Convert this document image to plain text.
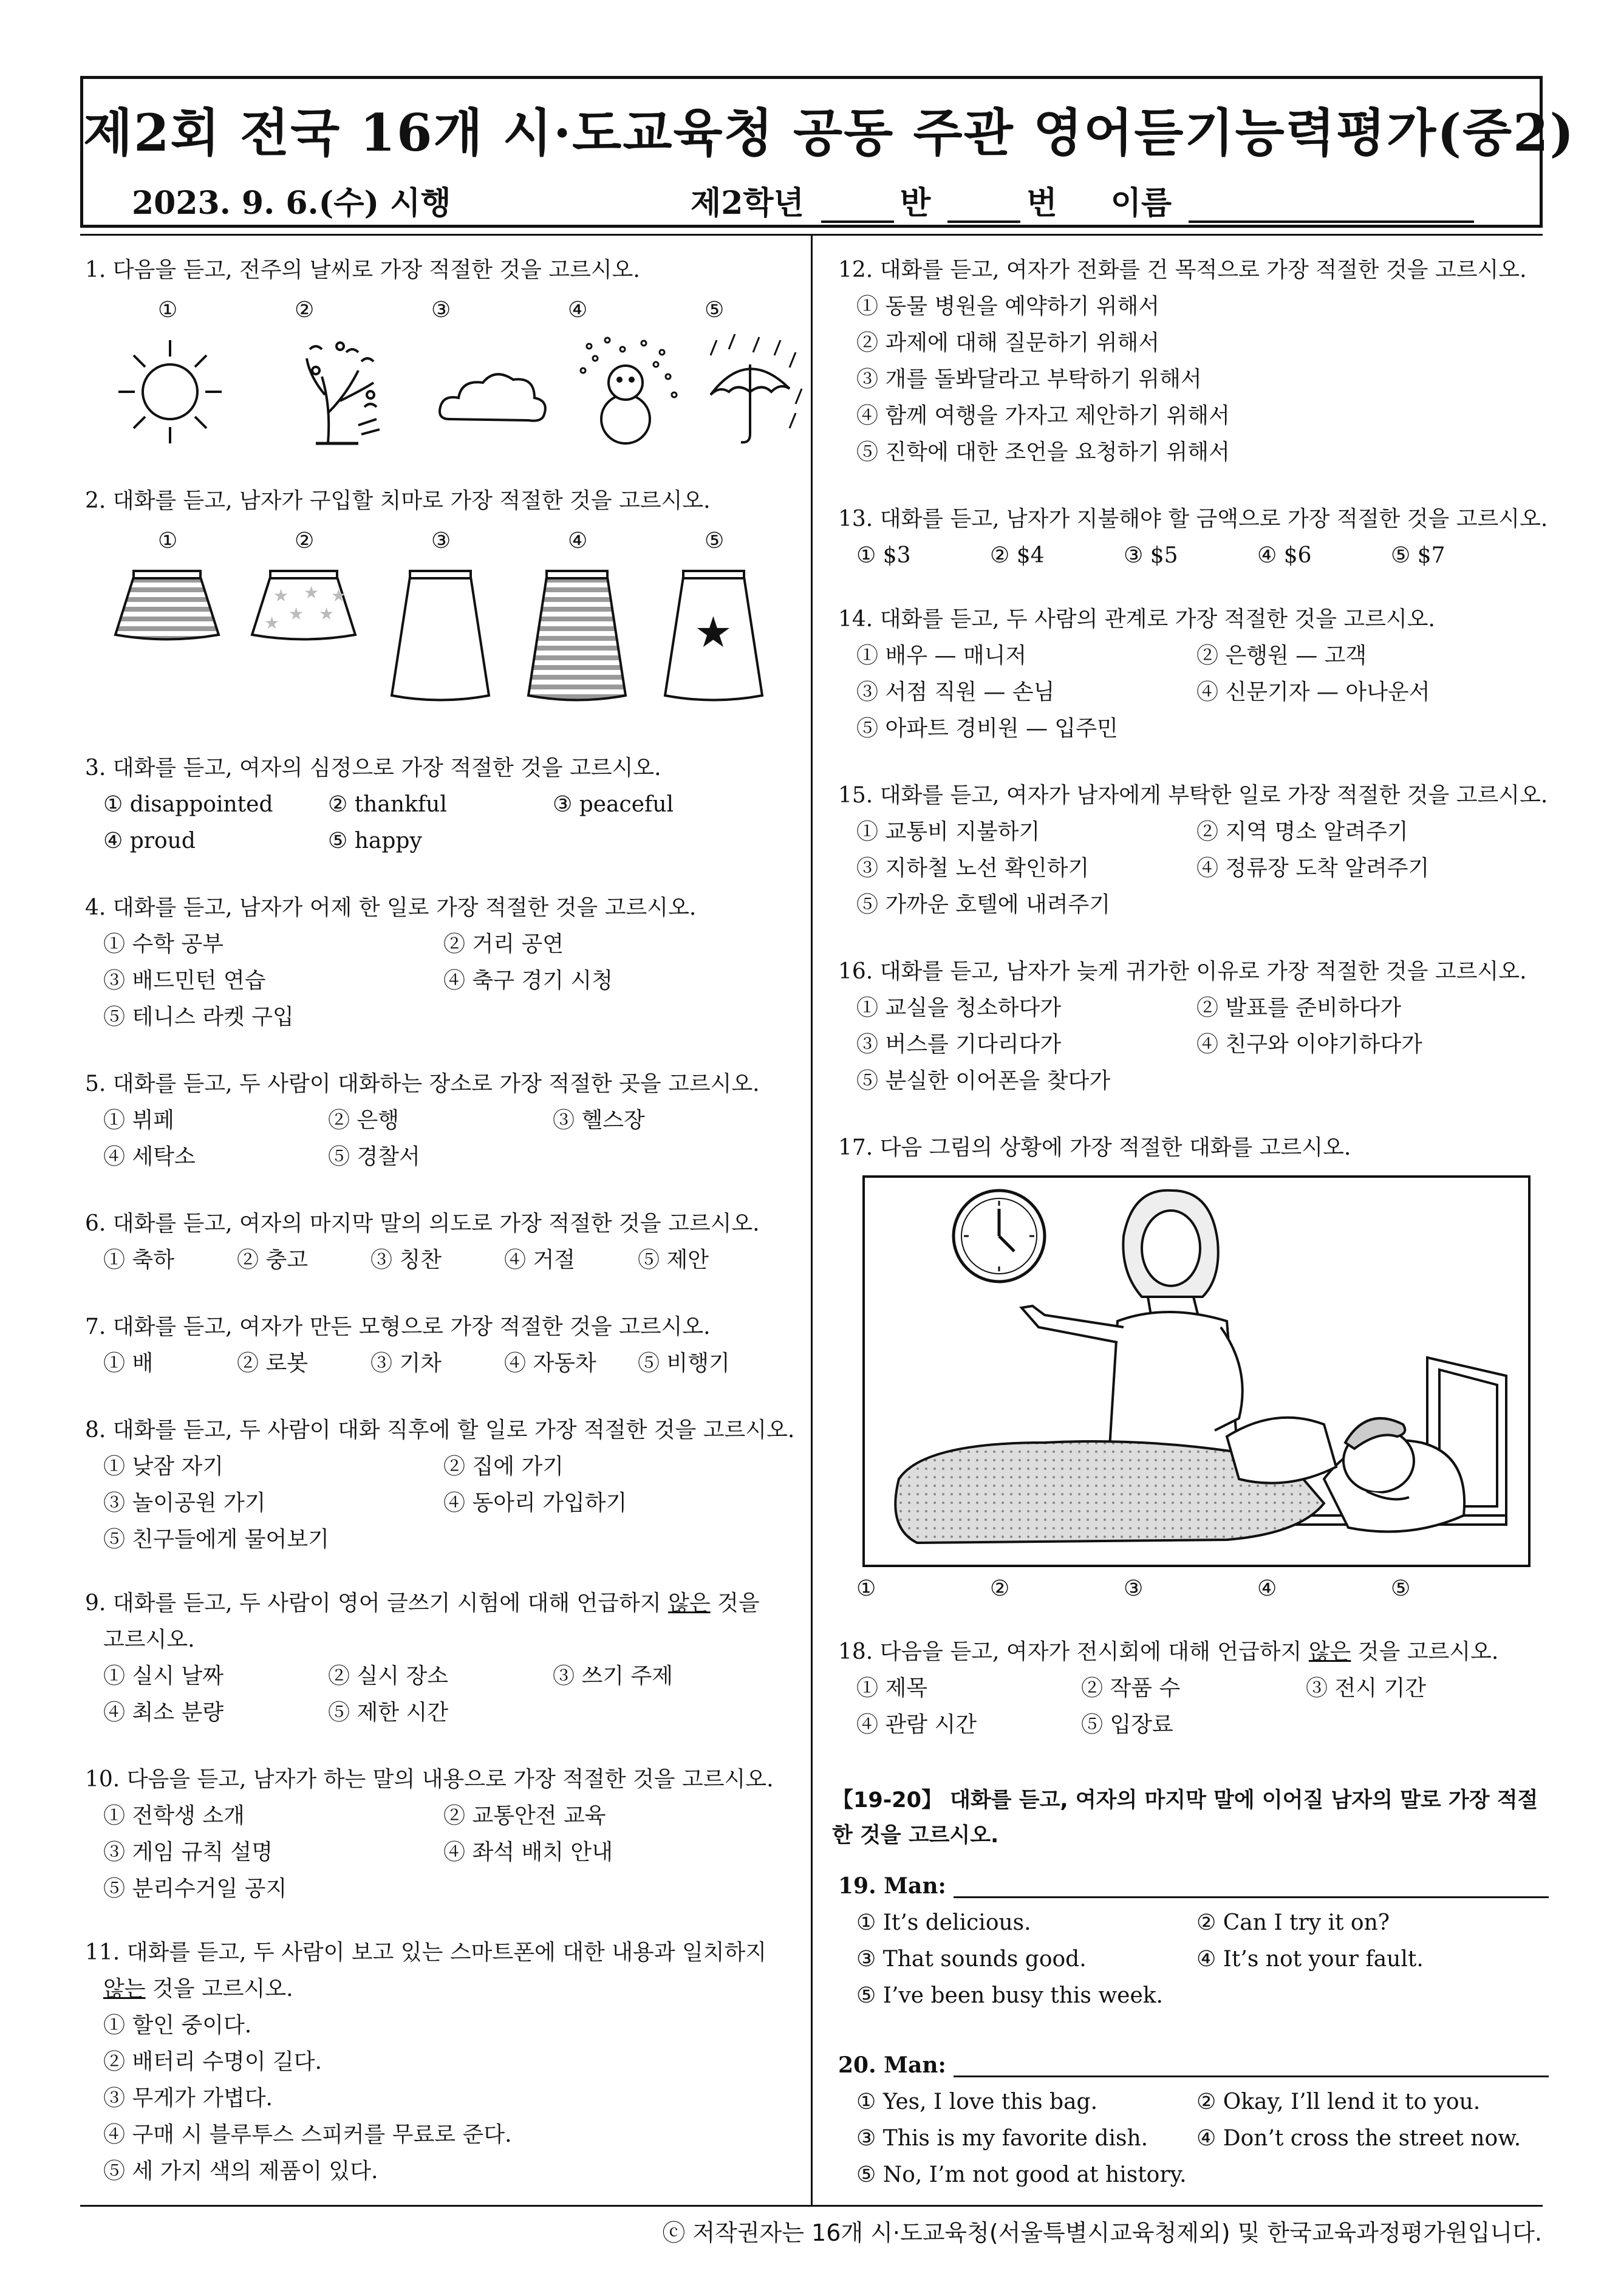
제2회 전국 16개 시·도교육청 공동 주관 영어듣기능력평가(중2)
2023. 9. 6.(수) 시행	제2학년	반	번 이름
1. 다음을 듣고, 전주의 날씨로 가장 적절한 것을 고르시오.
①	②	③	④	⑤
2. 대화를 듣고, 남자가 구입할 치마로 가장 적절한 것을 고르시오.
①	②	③	④	⑤
★ ★
★ ★
★
★
★
3. 대화를 듣고, 여자의 심정으로 가장 적절한 것을 고르시오.
① disappointed	② thankful	③ peaceful
④ proud	⑤ happy
4. 대화를 듣고, 남자가 어제 한 일로 가장 적절한 것을 고르시오.
① 수학 공부	② 거리 공연
③ 배드민턴 연습	④ 축구 경기 시청
⑤ 테니스 라켓 구입
5. 대화를 듣고, 두 사람이 대화하는 장소로 가장 적절한 곳을 고르시오.
① 뷔페	② 은행	③ 헬스장
④ 세탁소	⑤ 경찰서
6. 대화를 듣고, 여자의 마지막 말의 의도로 가장 적절한 것을 고르시오.
① 축하	② 충고	③ 칭찬	④ 거절	⑤ 제안
7. 대화를 듣고, 여자가 만든 모형으로 가장 적절한 것을 고르시오.
① 배	② 로봇	③ 기차	④ 자동차 ⑤ 비행기
8. 대화를 듣고, 두 사람이 대화 직후에 할 일로 가장 적절한 것을 고르시오.
① 낮잠 자기	② 집에 가기
③ 놀이공원 가기	④ 동아리 가입하기
⑤ 친구들에게 물어보기
9. 대화를 듣고, 두 사람이 영어 글쓰기 시험에 대해 언급하지 않은 것을
고르시오.
① 실시 날짜	② 실시 장소	③ 쓰기 주제
④ 최소 분량	⑤ 제한 시간
10. 다음을 듣고, 남자가 하는 말의 내용으로 가장 적절한 것을 고르시오.
① 전학생 소개	② 교통안전 교육
③ 게임 규칙 설명	④ 좌석 배치 안내
⑤ 분리수거일 공지
11. 대화를 듣고, 두 사람이 보고 있는 스마트폰에 대한 내용과 일치하지
않는 것을 고르시오.
① 할인 중이다.
② 배터리 수명이 길다.
③ 무게가 가볍다.
④ 구매 시 블루투스 스피커를 무료로 준다.
⑤ 세 가지 색의 제품이 있다.
12. 대화를 듣고, 여자가 전화를 건 목적으로 가장 적절한 것을 고르시오.
① 동물 병원을 예약하기 위해서
② 과제에 대해 질문하기 위해서
③ 개를 돌봐달라고 부탁하기 위해서
④ 함께 여행을 가자고 제안하기 위해서
⑤ 진학에 대한 조언을 요청하기 위해서
13. 대화를 듣고, 남자가 지불해야 할 금액으로 가장 적절한 것을 고르시오.
① $3	② $4	③ $5	④ $6	⑤ $7
14. 대화를 듣고, 두 사람의 관계로 가장 적절한 것을 고르시오.
① 배우 — 매니저	② 은행원 — 고객
③ 서점 직원 — 손님	④ 신문기자 — 아나운서
⑤ 아파트 경비원 — 입주민
15. 대화를 듣고, 여자가 남자에게 부탁한 일로 가장 적절한 것을 고르시오.
① 교통비 지불하기	② 지역 명소 알려주기
③ 지하철 노선 확인하기	④ 정류장 도착 알려주기
⑤ 가까운 호텔에 내려주기
16. 대화를 듣고, 남자가 늦게 귀가한 이유로 가장 적절한 것을 고르시오.
① 교실을 청소하다가	② 발표를 준비하다가
③ 버스를 기다리다가	④ 친구와 이야기하다가
⑤ 분실한 이어폰을 찾다가
17. 다음 그림의 상황에 가장 적절한 대화를 고르시오.
①	②	③	④	⑤
18. 다음을 듣고, 여자가 전시회에 대해 언급하지 않은 것을 고르시오.
① 제목	② 작품 수	③ 전시 기간
④ 관람 시간	⑤ 입장료
【19-20】 대화를 듣고, 여자의 마지막 말에 이어질 남자의 말로 가장 적절한 것을 고르시오.
19. Man:
① It’s delicious.	② Can I try it on?
③ That sounds good.	④ It’s not your fault.
⑤ I’ve been busy this week.
20. Man:
① Yes, I love this bag.	② Okay, I’ll lend it to you.
③ This is my favorite dish. ④ Don’t cross the street now.
⑤ No, I’m not good at history.
ⓒ 저작권자는 16개 시·도교육청(서울특별시교육청제외) 및 한국교육과정평가원입니다.
